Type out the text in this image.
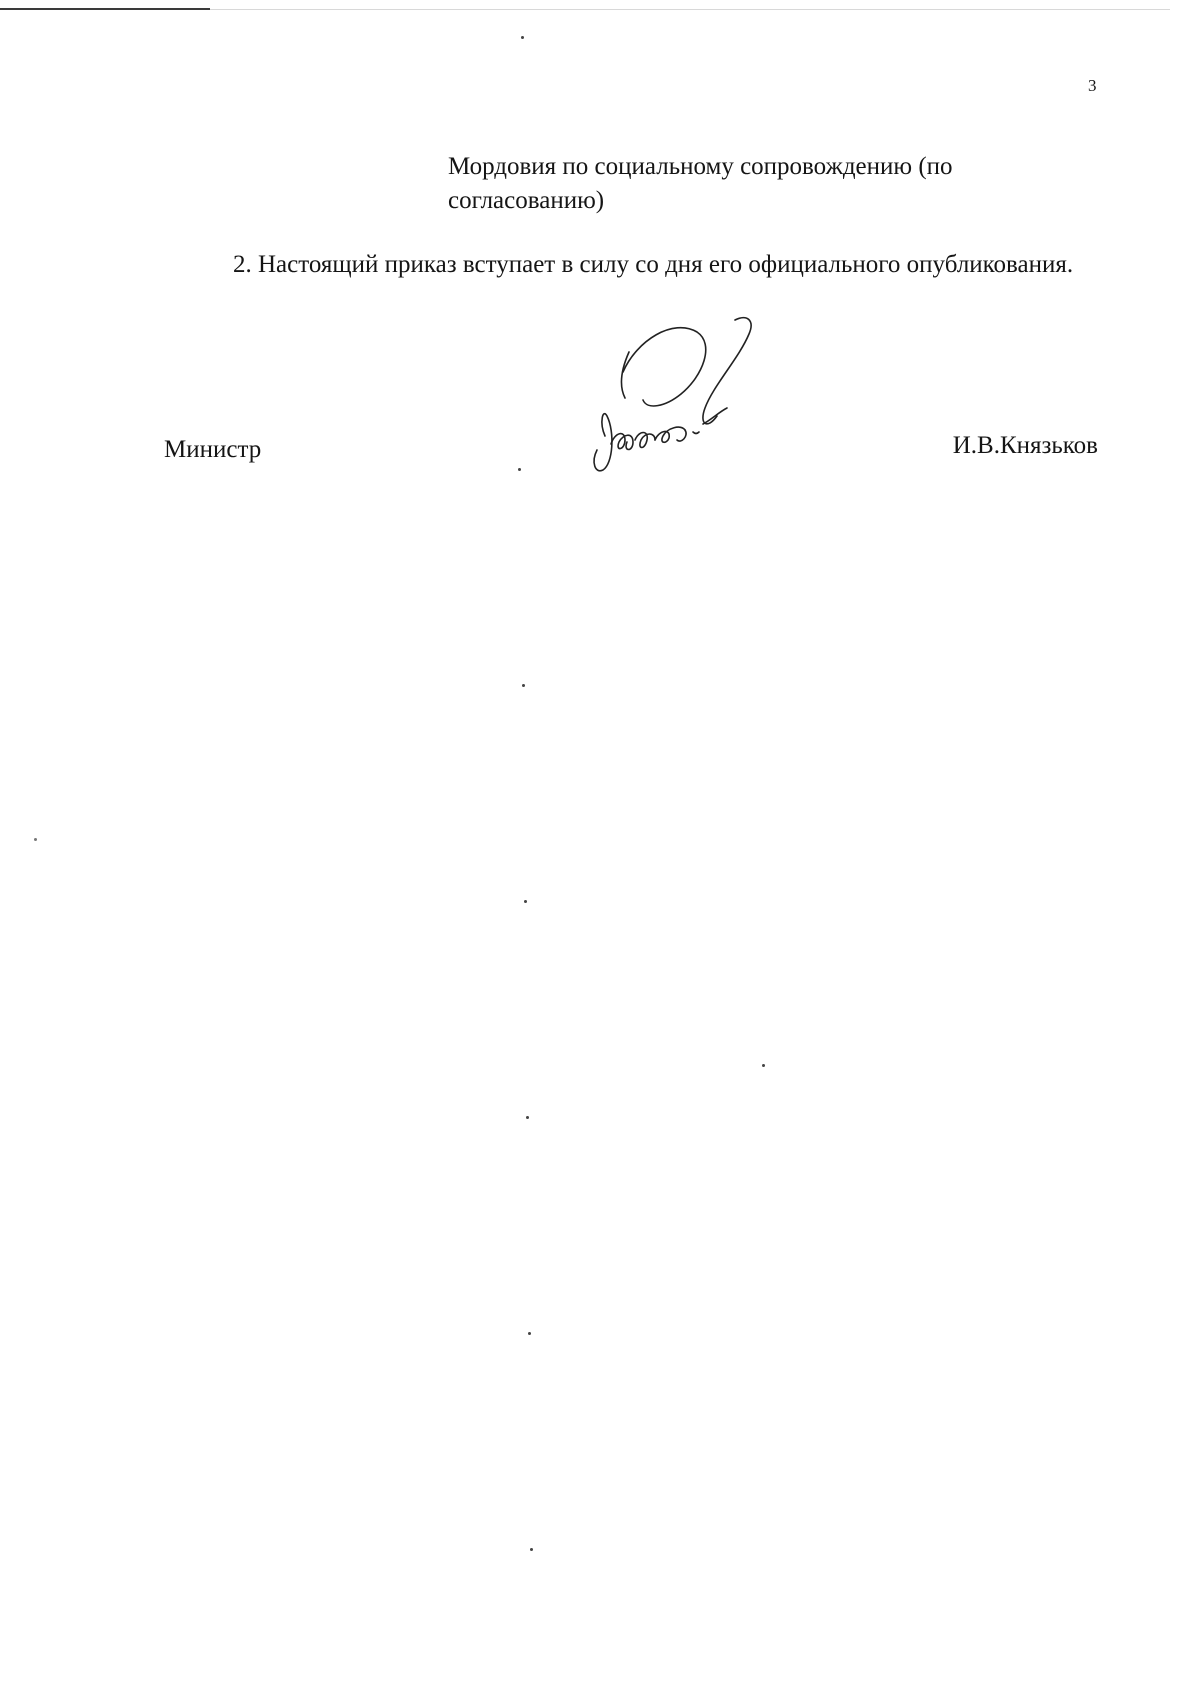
3
Мордовия по социальному сопровождению (по согласованию)
2. Настоящий приказ вступает в силу со дня его официального опубликования.
Министр	И.В.Князьков
